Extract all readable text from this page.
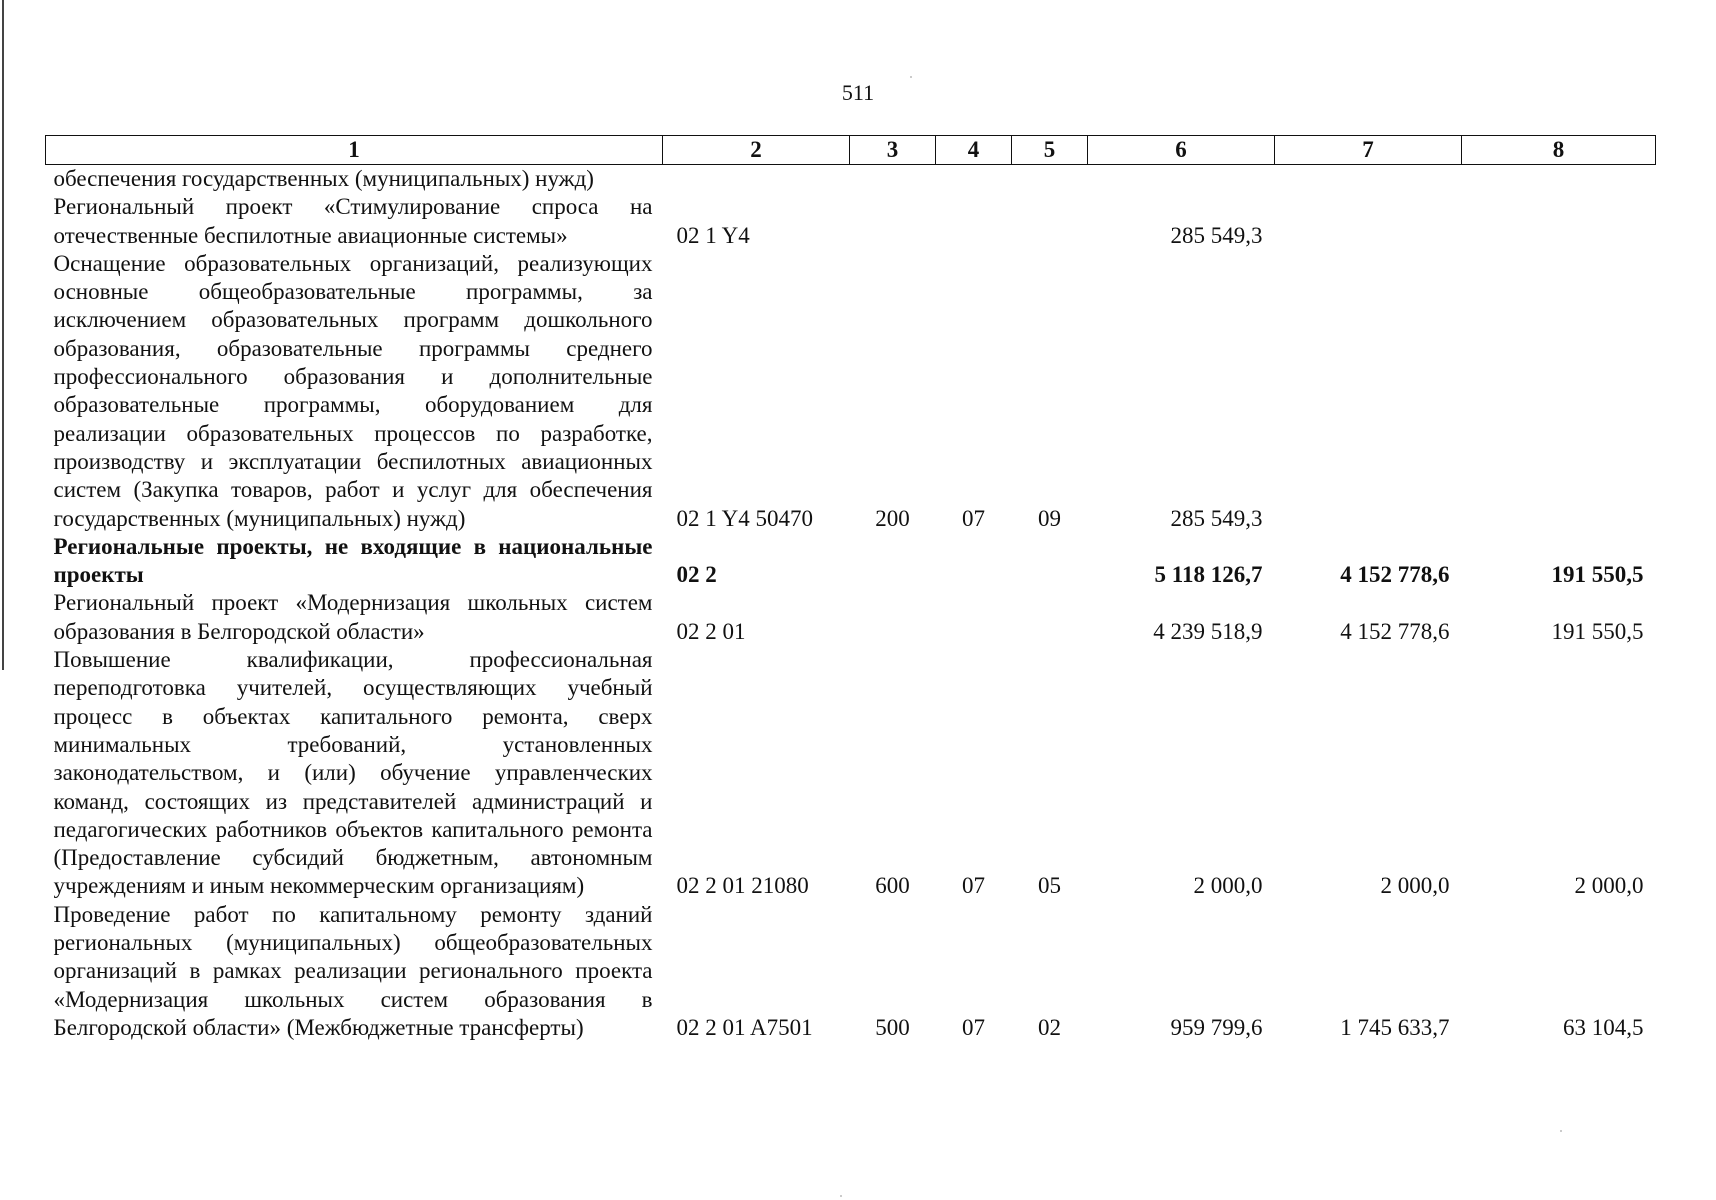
511
1	2	3	4	5	6	7	8
обеспечения государственных (муниципальных) нужд)							
Региональный проект «Стимулирование спроса на отечественные беспилотные авиационные системы»	02 1 Y4				285 549,3		
Оснащение образовательных организаций, реализующих основные общеобразовательные программы, за исключением образовательных программ дошкольного образования, образовательные программы среднего профессионального образования и дополнительные образовательные программы, оборудованием для реализации образовательных процессов по разработке, производству и эксплуатации беспилотных авиационных систем (Закупка товаров, работ и услуг для обеспечения государственных (муниципальных) нужд)	02 1 Y4 50470	200	07	09	285 549,3		
Региональные проекты, не входящие в национальные проекты	02 2				5 118 126,7	4 152 778,6	191 550,5
Региональный проект «Модернизация школьных систем образования в Белгородской области»	02 2 01				4 239 518,9	4 152 778,6	191 550,5
Повышение квалификации, профессиональная переподготовка учителей, осуществляющих учебный процесс в объектах капитального ремонта, сверх минимальных требований, установленных законодательством, и (или) обучение управленческих команд, состоящих из представителей администраций и педагогических работников объектов капитального ремонта (Предоставление субсидий бюджетным, автономным учреждениям и иным некоммерческим организациям)	02 2 01 21080	600	07	05	2 000,0	2 000,0	2 000,0
Проведение работ по капитальному ремонту зданий региональных (муниципальных) общеобразовательных организаций в рамках реализации регионального проекта «Модернизация школьных систем образования в Белгородской области» (Межбюджетные трансферты)	02 2 01 A7501	500	07	02	959 799,6	1 745 633,7	63 104,5
